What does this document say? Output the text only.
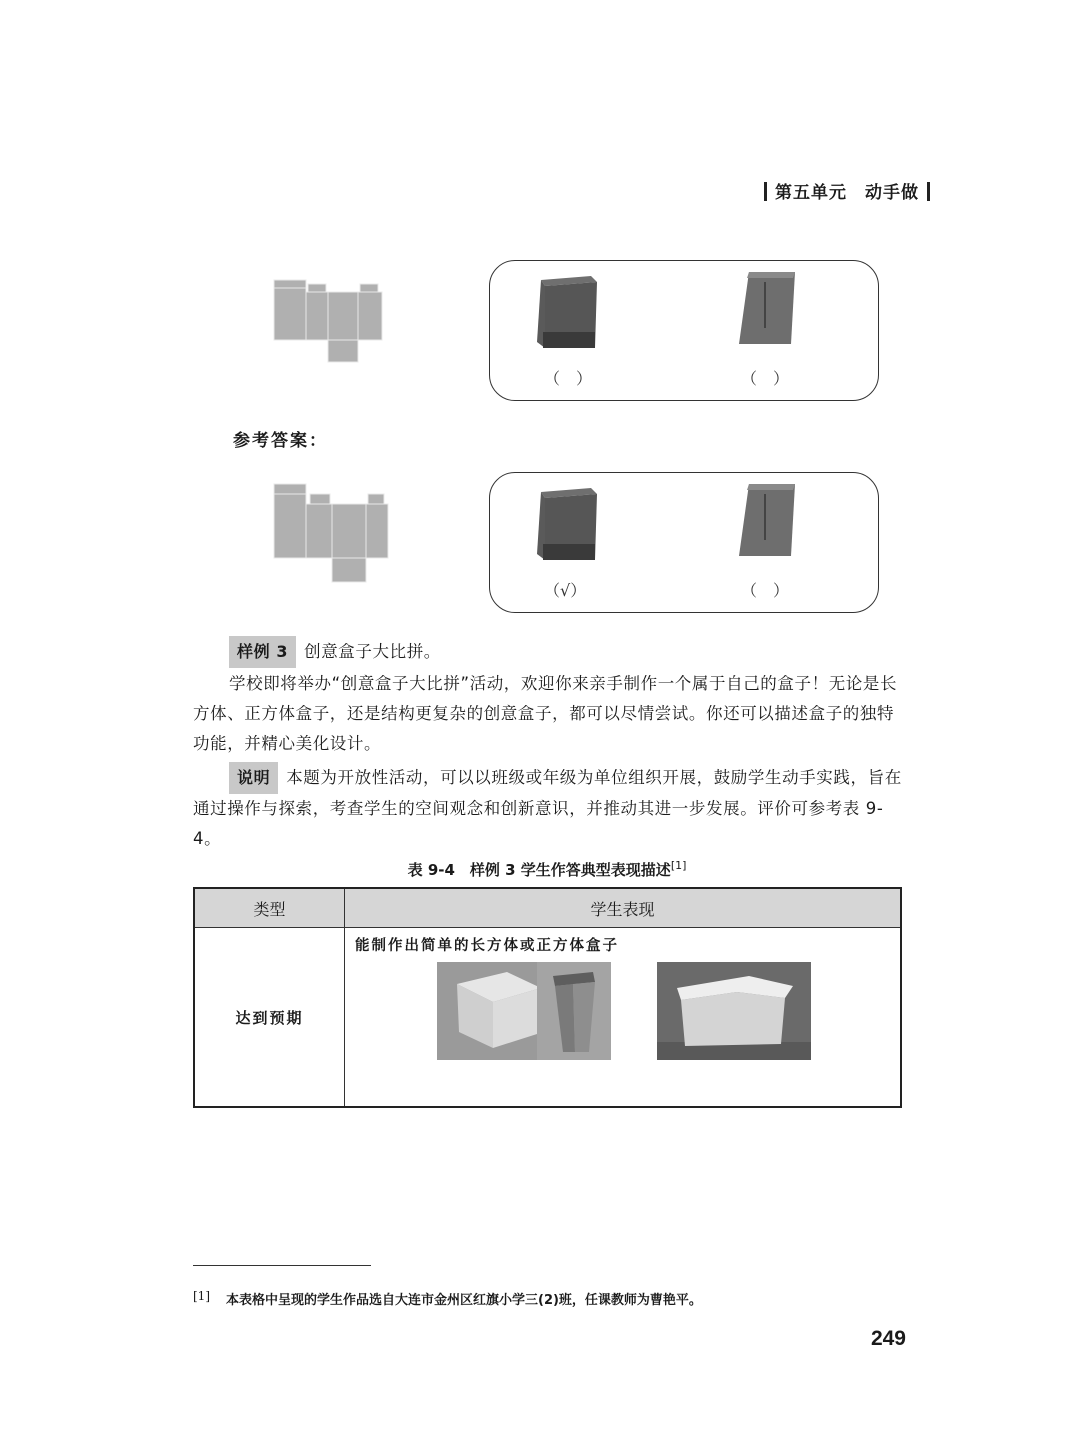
第五单元　 动手做
（　）	（　）
参考答案：
（√）	（　）
样例 3 创意盒子大比拼。
学校即将举办“创意盒子大比拼”活动，欢迎你来亲手制作一个属于自己的盒子！无论是长方体、正方体盒子，还是结构更复杂的创意盒子，都可以尽情尝试。你还可以描述盒子的独特功能，并精心美化设计。
说明 本题为开放性活动，可以以班级或年级为单位组织开展，鼓励学生动手实践，旨在通过操作与探索，考查学生的空间观念和创新意识，并推动其进一步发展。评价可参考表 9-4。
表 9-4　样例 3 学生作答典型表现描述[1]
类型	学生表现
达到预期	能制作出简单的长方体或正方体盒子
[1] 本表格中呈现的学生作品选自大连市金州区红旗小学三(2)班，任课教师为曹艳平。
249
